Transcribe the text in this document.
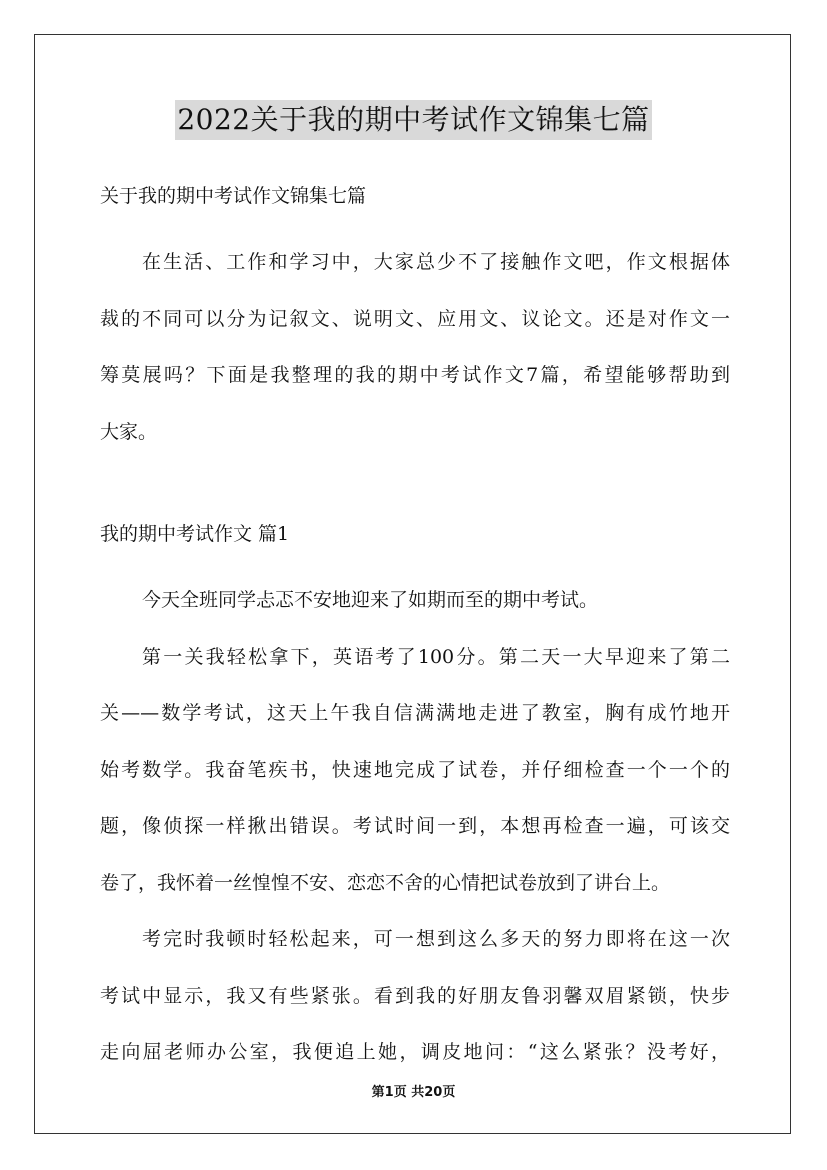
2022关于我的期中考试作文锦集七篇
关于我的期中考试作文锦集七篇
在生活、工作和学习中，大家总少不了接触作文吧，作文根据体
裁的不同可以分为记叙文、说明文、应用文、议论文。还是对作文一
筹莫展吗？下面是我整理的我的期中考试作文7篇，希望能够帮助到
大家。
我的期中考试作文 篇1
今天全班同学忐忑不安地迎来了如期而至的期中考试。
第一关我轻松拿下，英语考了100分。第二天一大早迎来了第二
关——数学考试，这天上午我自信满满地走进了教室，胸有成竹地开
始考数学。我奋笔疾书，快速地完成了试卷，并仔细检查一个一个的
题，像侦探一样揪出错误。考试时间一到，本想再检查一遍，可该交
卷了，我怀着一丝惶惶不安、恋恋不舍的心情把试卷放到了讲台上。
考完时我顿时轻松起来，可一想到这么多天的努力即将在这一次
考试中显示，我又有些紧张。看到我的好朋友鲁羽馨双眉紧锁，快步
走向屈老师办公室，我便追上她，调皮地问：“这么紧张？没考好，
第1页 共20页
